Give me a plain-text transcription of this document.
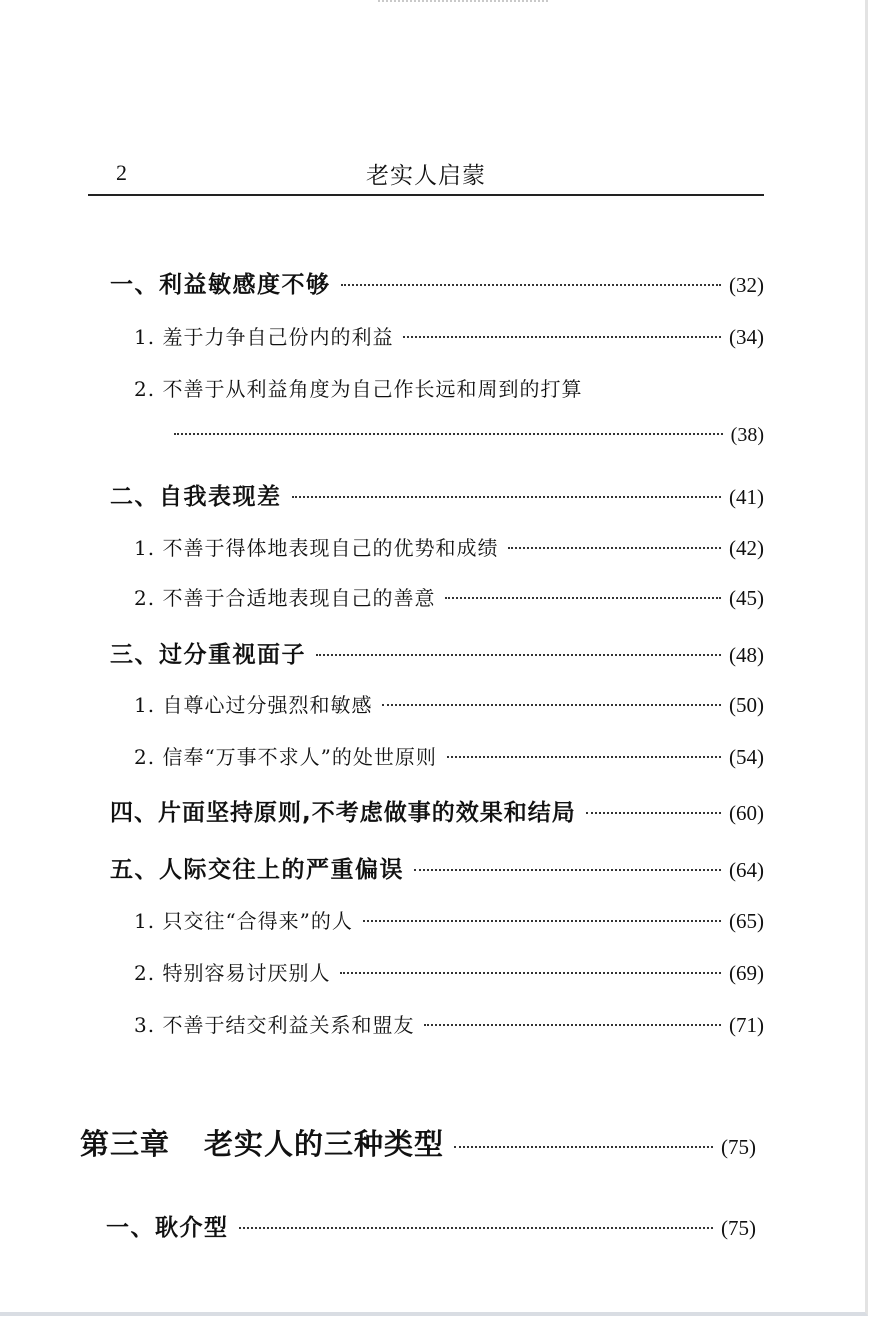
2	老实人启蒙
一、利益敏感度不够	(32)
1. 羞于力争自己份内的利益	(34)
2. 不善于从利益角度为自己作长远和周到的打算
(38)
二、自我表现差	(41)
1. 不善于得体地表现自己的优势和成绩	(42)
2. 不善于合适地表现自己的善意	(45)
三、过分重视面子	(48)
1. 自尊心过分强烈和敏感	(50)
2. 信奉“万事不求人”的处世原则	(54)
四、片面坚持原则,不考虑做事的效果和结局	(60)
五、人际交往上的严重偏误	(64)
1. 只交往“合得来”的人	(65)
2. 特别容易讨厌别人	(69)
3. 不善于结交利益关系和盟友	(71)
第三章 老实人的三种类型	(75)
一、耿介型	(75)
